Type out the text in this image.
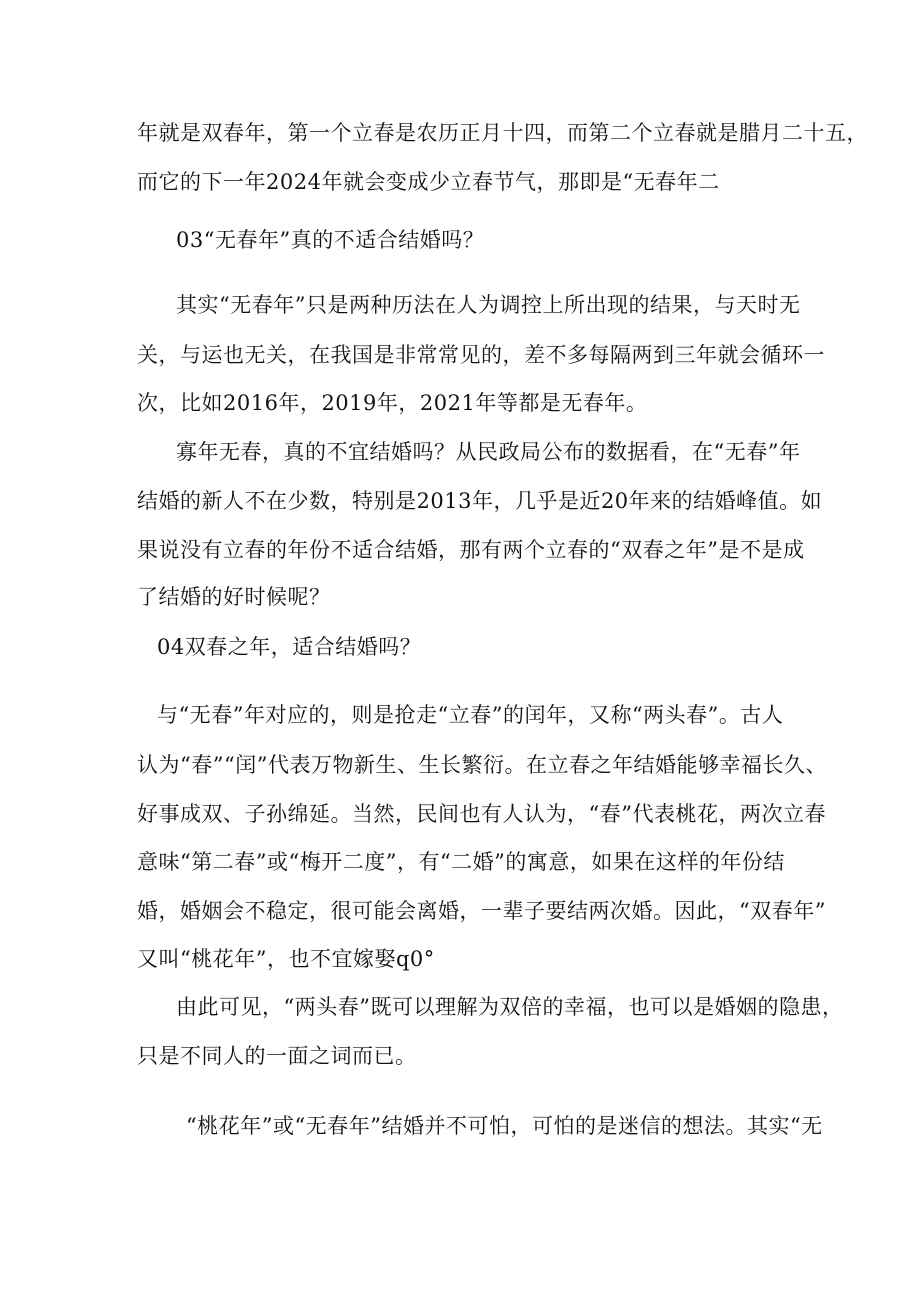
年就是双春年，第一个立春是农历正月十四，而第二个立春就是腊月二十五，
而它的下一年2024年就会变成少立春节气，那即是“无春年二
03“无春年”真的不适合结婚吗？
其实“无春年”只是两种历法在人为调控上所出现的结果，与天时无
关，与运也无关，在我国是非常常见的，差不多每隔两到三年就会循环一
次，比如2016年，2019年，2021年等都是无春年。
寡年无春，真的不宜结婚吗？从民政局公布的数据看，在“无春”年
结婚的新人不在少数，特别是2013年，几乎是近20年来的结婚峰值。如
果说没有立春的年份不适合结婚，那有两个立春的“双春之年”是不是成
了结婚的好时候呢？
04双春之年，适合结婚吗？
与“无春”年对应的，则是抢走“立春”的闰年，又称“两头春”。古人
认为“春”“闰”代表万物新生、生长繁衍。在立春之年结婚能够幸福长久、
好事成双、子孙绵延。当然，民间也有人认为，“春”代表桃花，两次立春
意味“第二春”或“梅开二度”，有“二婚”的寓意，如果在这样的年份结
婚，婚姻会不稳定，很可能会离婚，一辈子要结两次婚。因此，“双春年”
又叫“桃花年”，也不宜嫁娶q0°
由此可见，“两头春”既可以理解为双倍的幸福，也可以是婚姻的隐患，
只是不同人的一面之词而已。
“桃花年”或“无春年”结婚并不可怕，可怕的是迷信的想法。其实“无
